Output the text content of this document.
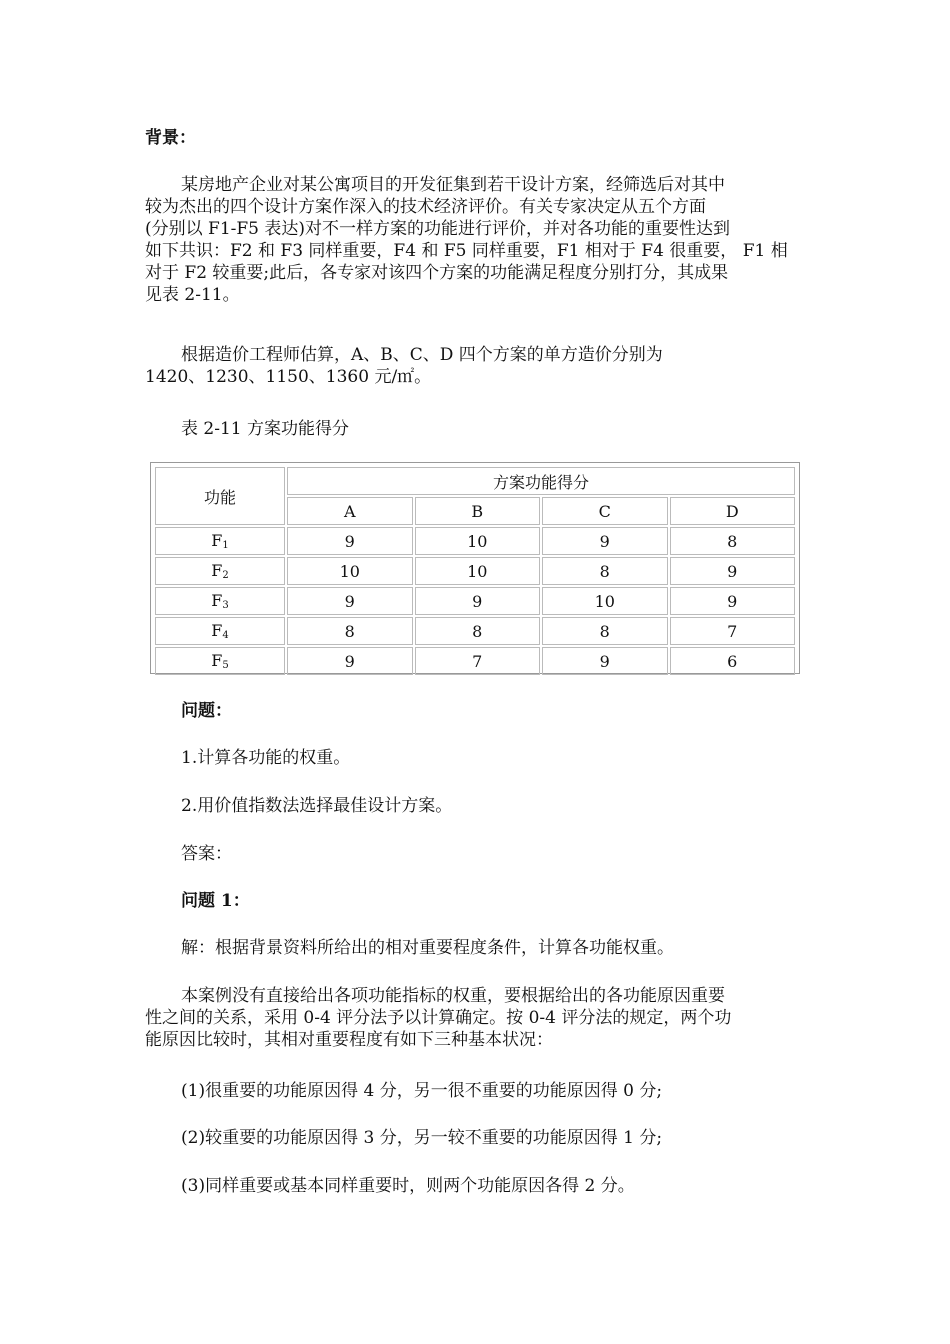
背景：
某房地产企业对某公寓项目的开发征集到若干设计方案，经筛选后对其中
较为杰出的四个设计方案作深入的技术经济评价。有关专家决定从五个方面
(分别以 F1-F5 表达)对不一样方案的功能进行评价，并对各功能的重要性达到
如下共识：F2 和 F3 同样重要，F4 和 F5 同样重要，F1 相对于 F4 很重要， F1 相
对于 F2 较重要;此后，各专家对该四个方案的功能满足程度分别打分，其成果
见表 2-11。
根据造价工程师估算，A、B、C、D 四个方案的单方造价分别为
1420、1230、1150、1360 元/㎡。
表 2-11 方案功能得分
功能	方案功能得分			
	A	B	C	D
$F_1$	9	10	9	8
$F_2$	10	10	8	9
$F_3$	9	9	10	9
$F_4$	8	8	8	7
$F_5$	9	7	9	6
问题：
1.计算各功能的权重。
2.用价值指数法选择最佳设计方案。
答案：
问题 1：
解：根据背景资料所给出的相对重要程度条件，计算各功能权重。
本案例没有直接给出各项功能指标的权重，要根据给出的各功能原因重要
性之间的关系，采用 0-4 评分法予以计算确定。按 0-4 评分法的规定，两个功
能原因比较时，其相对重要程度有如下三种基本状况：
(1)很重要的功能原因得 4 分，另一很不重要的功能原因得 0 分;
(2)较重要的功能原因得 3 分，另一较不重要的功能原因得 1 分;
(3)同样重要或基本同样重要时，则两个功能原因各得 2 分。
